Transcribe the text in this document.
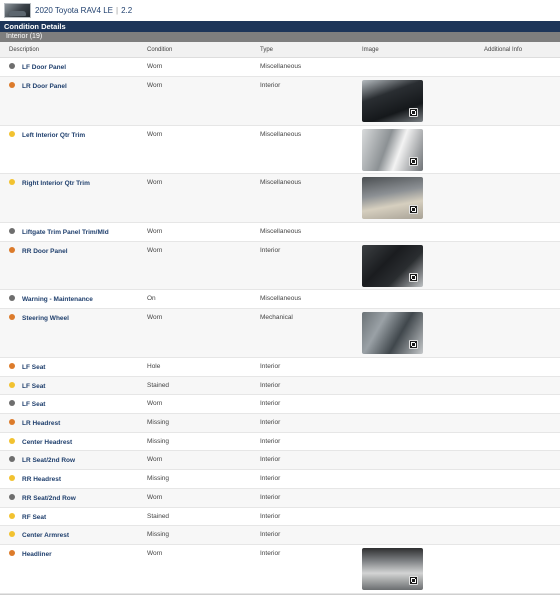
2020 Toyota RAV4 LE | 2.2
Condition Details
Interior (19)
Description	Condition	Type	Image	Additional Info
LF Door Panel	Worn	Miscellaneous
LR Door Panel	Worn	Interior
Left Interior Qtr Trim	Worn	Miscellaneous
Right Interior Qtr Trim	Worn	Miscellaneous
Liftgate Trim Panel Trim/Mld	Worn	Miscellaneous
RR Door Panel	Worn	Interior
Warning - Maintenance	On	Miscellaneous
Steering Wheel	Worn	Mechanical
LF Seat	Hole	Interior
LF Seat	Stained	Interior
LF Seat	Worn	Interior
LR Headrest	Missing	Interior
Center Headrest	Missing	Interior
LR Seat/2nd Row	Worn	Interior
RR Headrest	Missing	Interior
RR Seat/2nd Row	Worn	Interior
RF Seat	Stained	Interior
Center Armrest	Missing	Interior
Headliner	Worn	Interior
